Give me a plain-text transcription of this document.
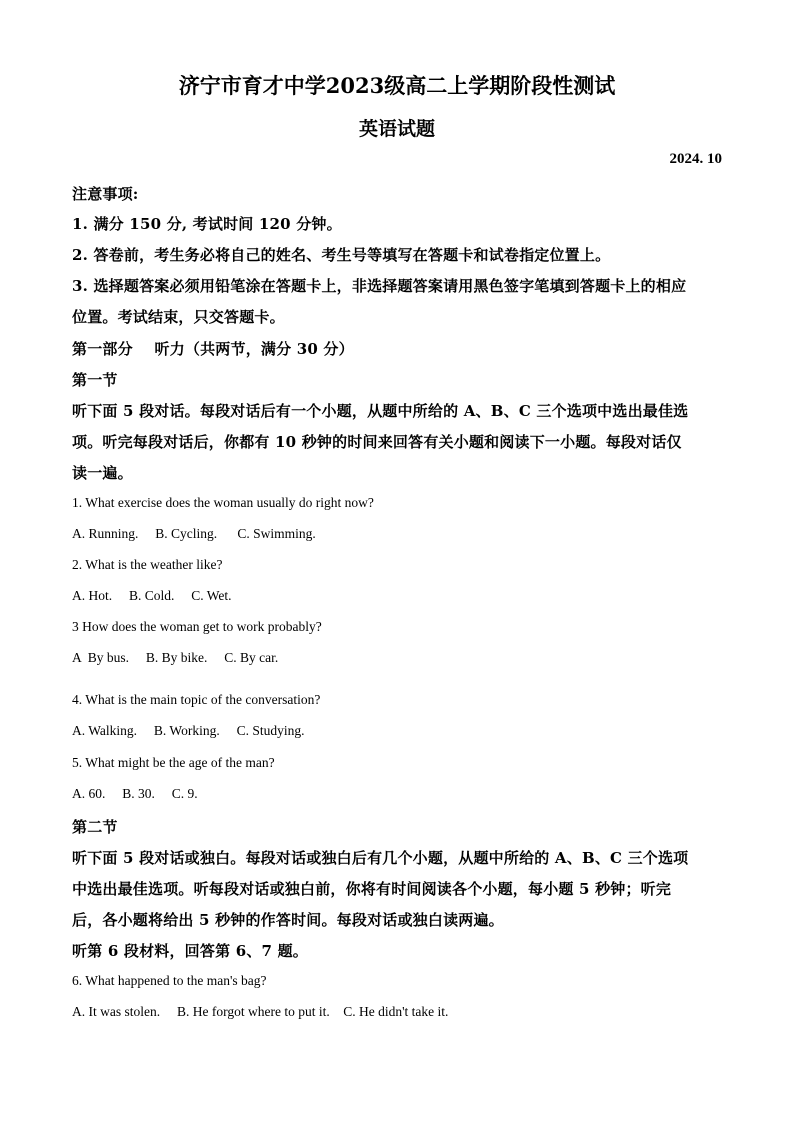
济宁市育才中学2023级高二上学期阶段性测试
英语试题
2024. 10
注意事项:
1. 满分 150 分, 考试时间 120 分钟。
2. 答卷前，考生务必将自己的姓名、考生号等填写在答题卡和试卷指定位置上。
3. 选择题答案必须用铅笔涂在答题卡上，非选择题答案请用黑色签字笔填到答题卡上的相应
位置。考试结束，只交答题卡。
第一部分    听力（共两节，满分 30 分）
第一节
听下面 5 段对话。每段对话后有一个小题，从题中所给的 A、B、C 三个选项中选出最佳选
项。听完每段对话后，你都有 10 秒钟的时间来回答有关小题和阅读下一小题。每段对话仅
读一遍。
1. What exercise does the woman usually do right now?
A. Running.     B. Cycling.      C. Swimming.
2. What is the weather like?
A. Hot.     B. Cold.     C. Wet.
3 How does the woman get to work probably?
A  By bus.     B. By bike.     C. By car.
4. What is the main topic of the conversation?
A. Walking.     B. Working.     C. Studying.
5. What might be the age of the man?
A. 60.     B. 30.     C. 9.
第二节
听下面 5 段对话或独白。每段对话或独白后有几个小题，从题中所给的 A、B、C 三个选项
中选出最佳选项。听每段对话或独白前，你将有时间阅读各个小题，每小题 5 秒钟；听完
后，各小题将给出 5 秒钟的作答时间。每段对话或独白读两遍。
听第 6 段材料，回答第 6、7 题。
6. What happened to the man's bag?
A. It was stolen.     B. He forgot where to put it.    C. He didn't take it.
